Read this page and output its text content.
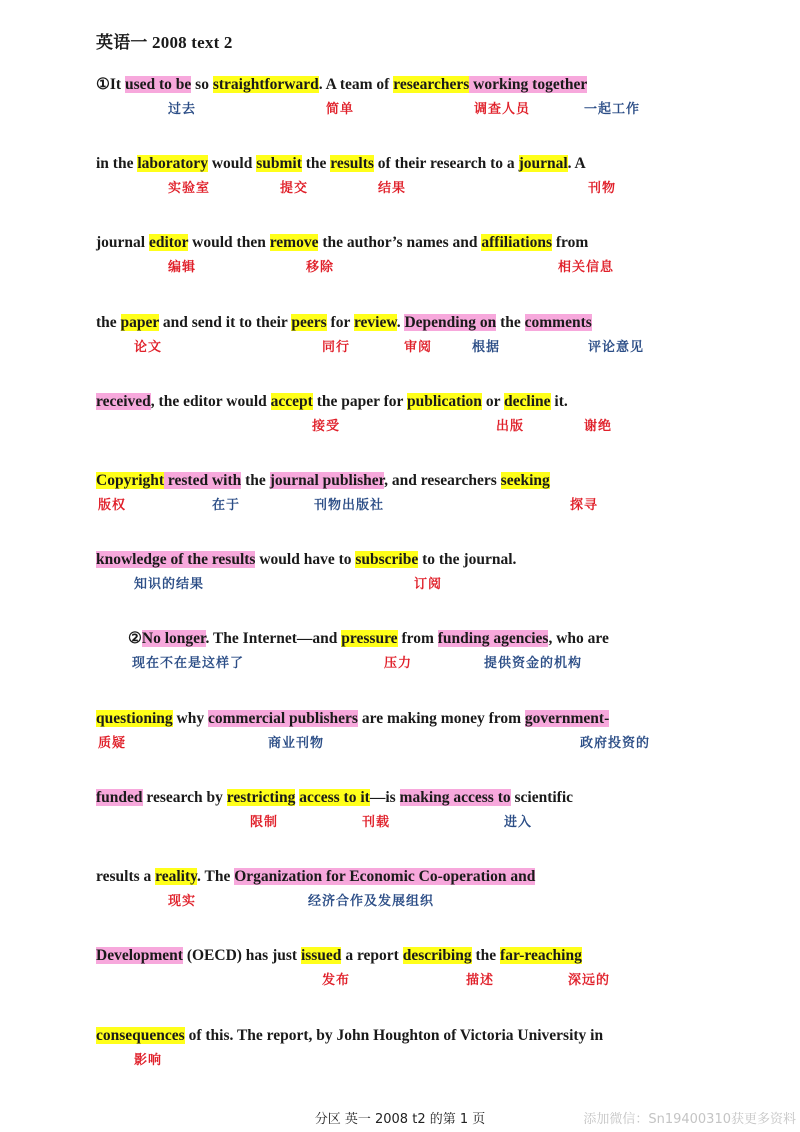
英语一 2008 text 2
①It used to be so straightforward. A team of researchers working together
过去	简单	调查人员	一起工作
in the laboratory would submit the results of their research to a journal. A
实验室	提交	结果	刊物
journal editor would then remove the author’s names and affiliations from
编辑	移除	相关信息
the paper and send it to their peers for review. Depending on the comments
论文	同行	审阅	根据	评论意见
received, the editor would accept the paper for publication or decline it.
接受	出版	谢绝
Copyright rested with the journal publisher, and researchers seeking
版权	在于	刊物出版社	探寻
knowledge of the results would have to subscribe to the journal.
知识的结果	订阅
②No longer. The Internet—and pressure from funding agencies, who are
现在不在是这样了	压力	提供资金的机构
questioning why commercial publishers are making money from government-
质疑	商业刊物	政府投资的
funded research by restricting access to it—is making access to scientific
限制	刊载	进入
results a reality. The Organization for Economic Co-operation and
现实	经济合作及发展组织
Development (OECD) has just issued a report describing the far-reaching
发布	描述	深远的
consequences of this. The report, by John Houghton of Victoria University in
影响
分区 英一 2008 t2 的第 1 页	添加微信：Sn19400310获更多资料
